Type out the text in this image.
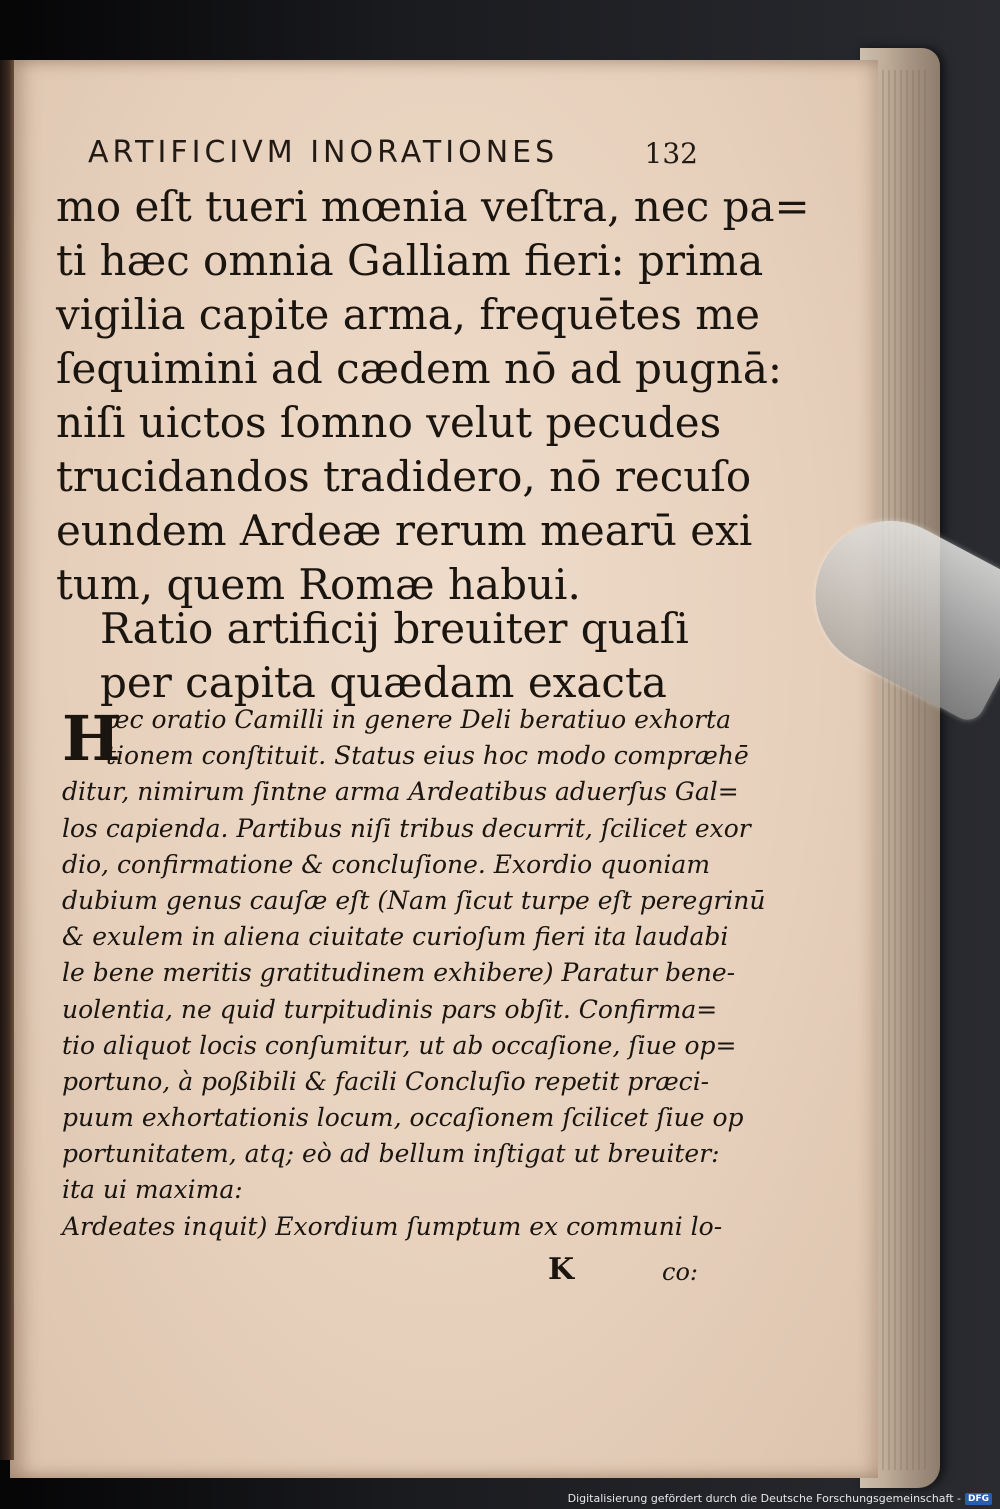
ARTIFICIVM INORATIONES	132
mo eſt tueri mœnia veſtra, nec pa=
ti hæc omnia Galliam fieri: prima
vigilia capite arma, frequētes me
ſequimini ad cædem nō ad pugnā:
niſi uictos ſomno velut pecudes
trucidandos tradidero, nō recuſo
eundem Ardeæ rerum mearū exi
tum, quem Romæ habui.
Ratio artificij breuiter quaſi
per capita quædam exacta
H
æc oratio Camilli in genere Deli beratiuo exhorta
tionem conſtituit. Status eius hoc modo compræhē
ditur, nimirum ſintne arma Ardeatibus aduerſus Gal=
los capienda. Partibus niſi tribus decurrit, ſcilicet exor
dio, confirmatione & concluſione. Exordio quoniam
dubium genus cauſæ eſt (Nam ſicut turpe eſt peregrinū
& exulem in aliena ciuitate curioſum fieri ita laudabi
le bene meritis gratitudinem exhibere) Paratur bene-
uolentia, ne quid turpitudinis pars obſit. Confirma=
tio aliquot locis conſumitur, ut ab occaſione, ſiue op=
portuno, à poßibili & facili Concluſio repetit præci-
puum exhortationis locum, occaſionem ſcilicet ſiue op
portunitatem, atq; eò ad bellum inſtigat ut breuiter:
ita ui maxima:
Ardeates inquit) Exordium ſumptum ex communi lo-
K	co:
Digitalisierung gefördert durch die Deutsche Forschungsgemeinschaft - DFG
